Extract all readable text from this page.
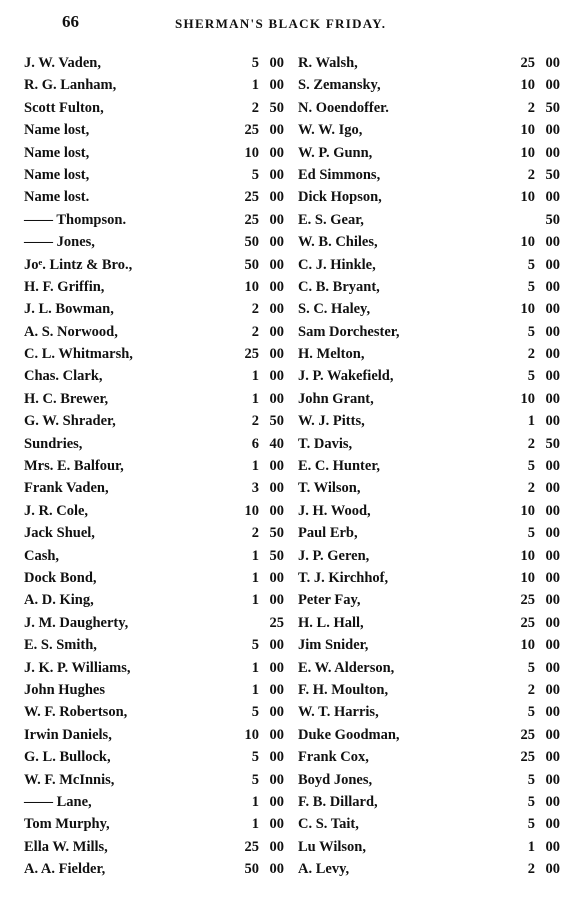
66	SHERMAN'S BLACK FRIDAY.
J. W. Vaden,	5 00
R. G. Lanham,	1 00
Scott Fulton,	2 50
Name lost,	25 00
Name lost,	10 00
Name lost,	5 00
Name lost.	25 00
—— Thompson.	25 00
—— Jones,	50 00
Joᵉ. Lintz & Bro.,	50 00
H. F. Griffin,	10 00
J. L. Bowman,	2 00
A. S. Norwood,	2 00
C. L. Whitmarsh,	25 00
Chas. Clark,	1 00
H. C. Brewer,	1 00
G. W. Shrader,	2 50
Sundries,	6 40
Mrs. E. Balfour,	1 00
Frank Vaden,	3 00
J. R. Cole,	10 00
Jack Shuel,	2 50
Cash,	1 50
Dock Bond,	1 00
A. D. King,	1 00
J. M. Daugherty,	25
E. S. Smith,	5 00
J. K. P. Williams,	1 00
John Hughes	1 00
W. F. Robertson,	5 00
Irwin Daniels,	10 00
G. L. Bullock,	5 00
W. F. McInnis,	5 00
—— Lane,	1 00
Tom Murphy,	1 00
Ella W. Mills,	25 00
A. A. Fielder,	50 00
R. Walsh,	25 00
S. Zemansky,	10 00
N. Ooendoffer.	2 50
W. W. Igo,	10 00
W. P. Gunn,	10 00
Ed Simmons,	2 50
Dick Hopson,	10 00
E. S. Gear,	50
W. B. Chiles,	10 00
C. J. Hinkle,	5 00
C. B. Bryant,	5 00
S. C. Haley,	10 00
Sam Dorchester,	5 00
H. Melton,	2 00
J. P. Wakefield,	5 00
John Grant,	10 00
W. J. Pitts,	1 00
T. Davis,	2 50
E. C. Hunter,	5 00
T. Wilson,	2 00
J. H. Wood,	10 00
Paul Erb,	5 00
J. P. Geren,	10 00
T. J. Kirchhof,	10 00
Peter Fay,	25 00
H. L. Hall,	25 00
Jim Snider,	10 00
E. W. Alderson,	5 00
F. H. Moulton,	2 00
W. T. Harris,	5 00
Duke Goodman,	25 00
Frank Cox,	25 00
Boyd Jones,	5 00
F. B. Dillard,	5 00
C. S. Tait,	5 00
Lu Wilson,	1 00
A. Levy,	2 00
